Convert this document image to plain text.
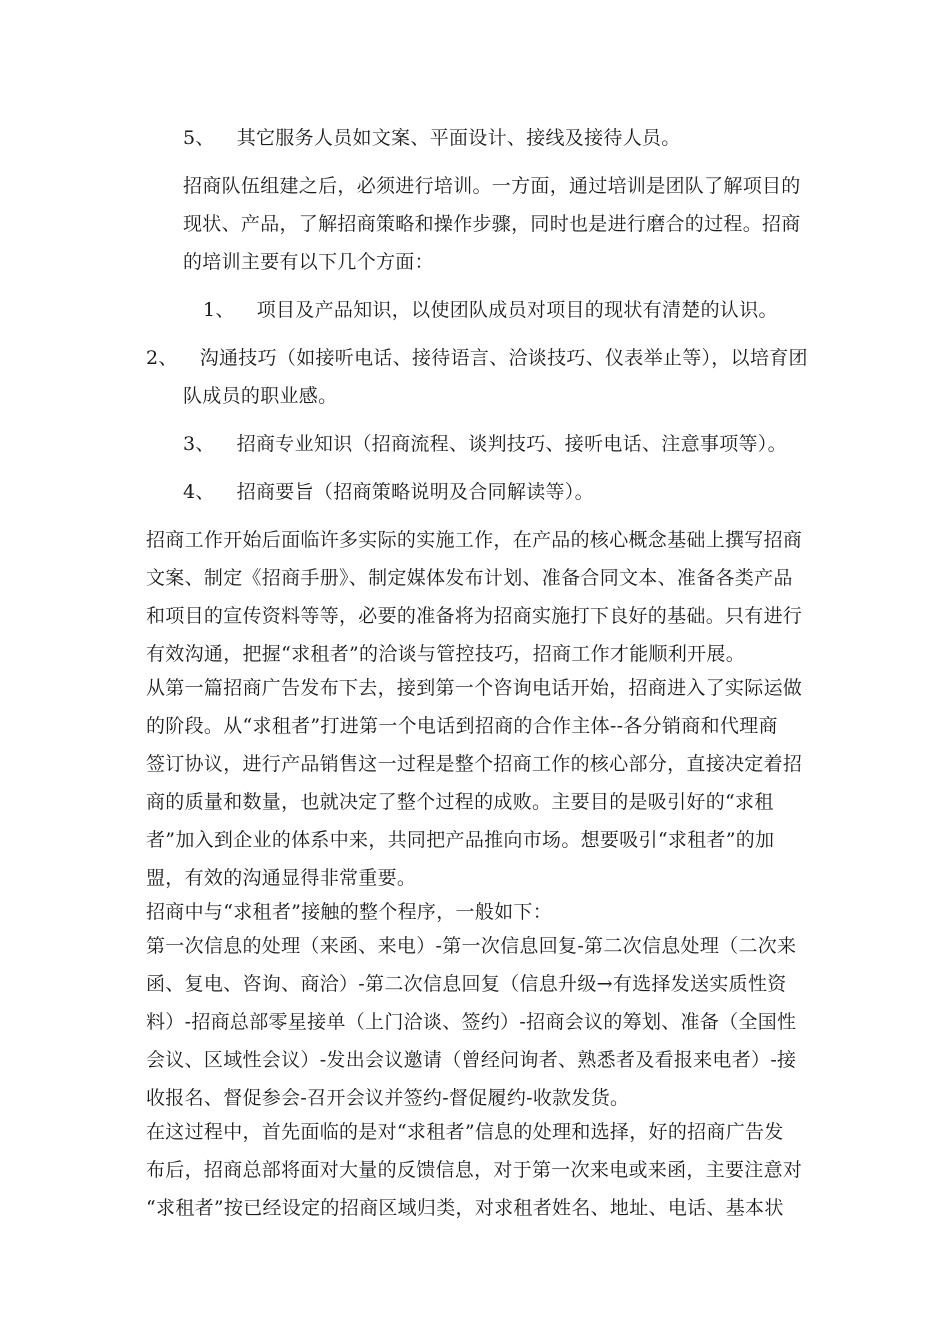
5、 其它服务人员如文案、平面设计、接线及接待人员。
招商队伍组建之后，必须进行培训。一方面，通过培训是团队了解项目的
现状、产品，了解招商策略和操作步骤，同时也是进行磨合的过程。招商
的培训主要有以下几个方面：
1、 项目及产品知识，以使团队成员对项目的现状有清楚的认识。
2、 沟通技巧（如接听电话、接待语言、洽谈技巧、仪表举止等），以培育团
队成员的职业感。
3、 招商专业知识（招商流程、谈判技巧、接听电话、注意事项等）。
4、 招商要旨（招商策略说明及合同解读等）。
招商工作开始后面临许多实际的实施工作，在产品的核心概念基础上撰写招商
文案、制定《招商手册》、制定媒体发布计划、准备合同文本、准备各类产品
和项目的宣传资料等等，必要的准备将为招商实施打下良好的基础。只有进行
有效沟通，把握“求租者”的洽谈与管控技巧，招商工作才能顺利开展。
从第一篇招商广告发布下去，接到第一个咨询电话开始，招商进入了实际运做
的阶段。从“求租者”打进第一个电话到招商的合作主体--各分销商和代理商
签订协议，进行产品销售这一过程是整个招商工作的核心部分，直接决定着招
商的质量和数量，也就决定了整个过程的成败。主要目的是吸引好的“求租
者”加入到企业的体系中来，共同把产品推向市场。想要吸引“求租者”的加
盟，有效的沟通显得非常重要。
招商中与“求租者”接触的整个程序，一般如下：
第一次信息的处理（来函、来电）-第一次信息回复-第二次信息处理（二次来
函、复电、咨询、商洽）-第二次信息回复（信息升级→有选择发送实质性资
料）-招商总部零星接单（上门洽谈、签约）-招商会议的筹划、准备（全国性
会议、区域性会议）-发出会议邀请（曾经问询者、熟悉者及看报来电者）-接
收报名、督促参会-召开会议并签约-督促履约-收款发货。
在这过程中，首先面临的是对“求租者”信息的处理和选择，好的招商广告发
布后，招商总部将面对大量的反馈信息，对于第一次来电或来函，主要注意对
“求租者”按已经设定的招商区域归类，对求租者姓名、地址、电话、基本状
